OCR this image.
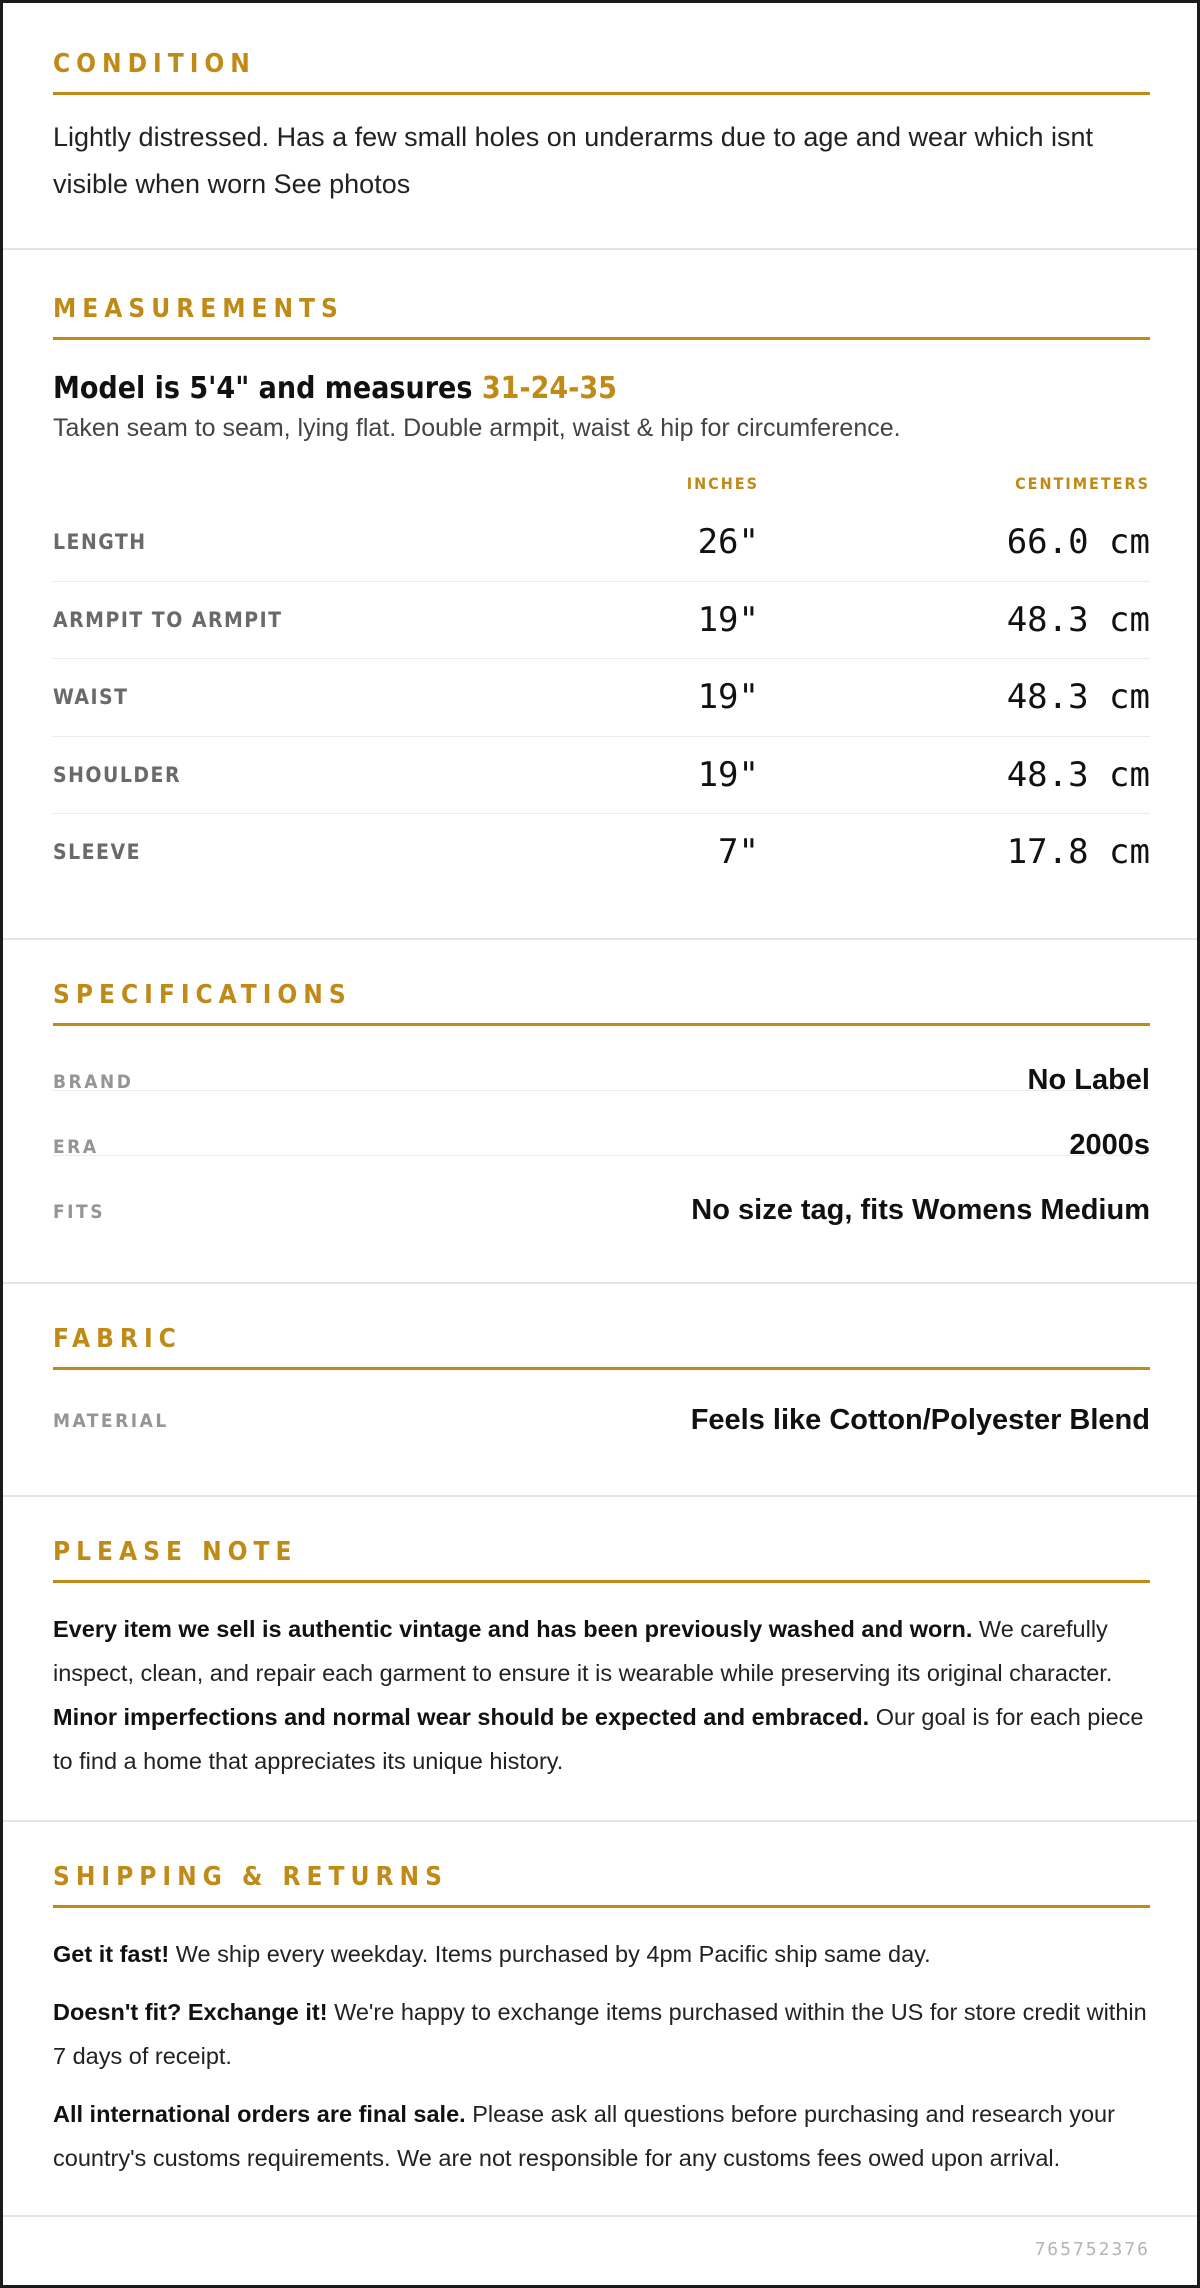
CONDITION
Lightly distressed. Has a few small holes on underarms due to age and wear which isnt visible when worn See photos
MEASUREMENTS
Model is 5'4" and measures 31-24-35
Taken seam to seam, lying flat. Double armpit, waist & hip for circumference.
INCHES	CENTIMETERS
LENGTH	26"	66.0 cm
ARMPIT TO ARMPIT	19"	48.3 cm
WAIST	19"	48.3 cm
SHOULDER	19"	48.3 cm
SLEEVE	7"	17.8 cm
SPECIFICATIONS
BRAND	No Label
ERA	2000s
FITS	No size tag, fits Womens Medium
FABRIC
MATERIAL	Feels like Cotton/Polyester Blend
PLEASE NOTE
Every item we sell is authentic vintage and has been previously washed and worn. We carefully inspect, clean, and repair each garment to ensure it is wearable while preserving its original character. Minor imperfections and normal wear should be expected and embraced. Our goal is for each piece to find a home that appreciates its unique history.
SHIPPING & RETURNS
Get it fast! We ship every weekday. Items purchased by 4pm Pacific ship same day.
Doesn't fit? Exchange it! We're happy to exchange items purchased within the US for store credit within 7 days of receipt.
All international orders are final sale. Please ask all questions before purchasing and research your country's customs requirements. We are not responsible for any customs fees owed upon arrival.
765752376
